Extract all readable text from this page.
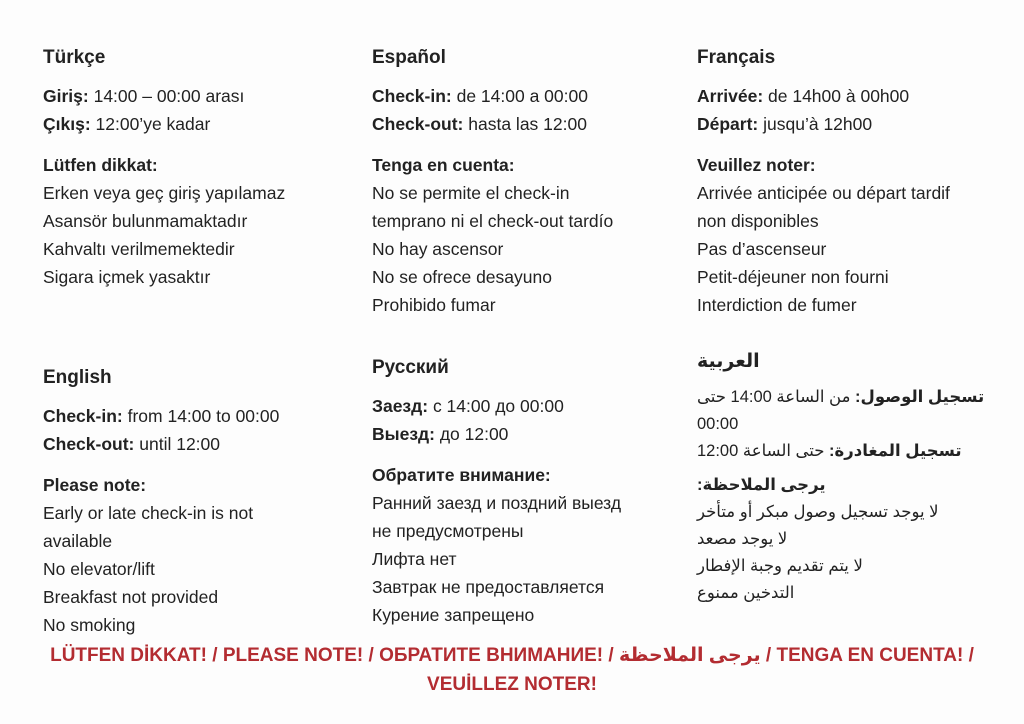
Türkçe
Giriş: 14:00 – 00:00 arası
Çıkış: 12:00’ye kadar
Lütfen dikkat:
Erken veya geç giriş yapılamaz
Asansör bulunmamaktadır
Kahvaltı verilmemektedir
Sigara içmek yasaktır
Español
Check-in: de 14:00 a 00:00
Check-out: hasta las 12:00
Tenga en cuenta:
No se permite el check-in
temprano ni el check-out tardío
No hay ascensor
No se ofrece desayuno
Prohibido fumar
Français
Arrivée: de 14h00 à 00h00
Départ: jusqu’à 12h00
Veuillez noter:
Arrivée anticipée ou départ tardif
non disponibles
Pas d’ascenseur
Petit-déjeuner non fourni
Interdiction de fumer
English
Check-in: from 14:00 to 00:00
Check-out: until 12:00
Please note:
Early or late check-in is not
available
No elevator/lift
Breakfast not provided
No smoking
Русский
Заезд: с 14:00 до 00:00
Выезд: до 12:00
Обратите внимание:
Ранний заезд и поздний выезд
не предусмотрены
Лифта нет
Завтрак не предоставляется
Курение запрещено
العربية
تسجيل الوصول: من الساعة 14:00 حتى
00:00
تسجيل المغادرة: حتى الساعة 12:00
يرجى الملاحظة:
لا يوجد تسجيل وصول مبكر أو متأخر
لا يوجد مصعد
لا يتم تقديم وجبة الإفطار
التدخين ممنوع
LÜTFEN DİKKAT! / PLEASE NOTE! / ОБРАТИТЕ ВНИМАНИЕ! / يرجى الملاحظة / TENGA EN CUENTA! /
VEUİLLEZ NOTER!
